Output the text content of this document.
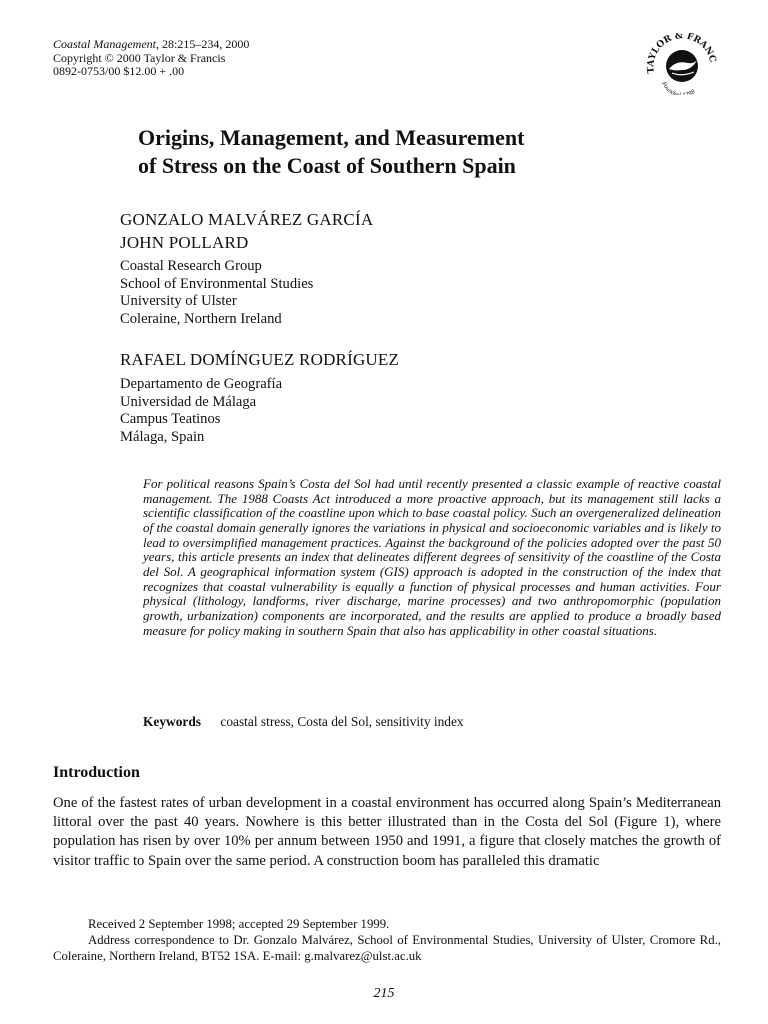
Coastal Management, 28:215–234, 2000
Copyright © 2000 Taylor & Francis
0892-0753/00 $12.00 + .00	TAYLOR & FRANC
Founde 98
Origins, Management, and Measurement
of Stress on the Coast of Southern Spain
GONZALO MALVÁREZ GARCÍA
JOHN POLLARD
Coastal Research Group
School of Environmental Studies
University of Ulster
Coleraine, Northern Ireland
RAFAEL DOMÍNGUEZ RODRÍGUEZ
Departamento de Geografía
Universidad de Málaga
Campus Teatinos
Málaga, Spain

For political reasons Spain’s Costa del Sol had until recently presented a classic example of reactive coastal management. The 1988 Coasts Act introduced a more proactive approach, but its management still lacks a scientific classification of the coastline upon which to base coastal policy. Such an overgeneralized delineation of the coastal domain generally ignores the variations in physical and socioeconomic variables and is likely to lead to oversimplified management practices. Against the background of the policies adopted over the past 50 years, this article presents an index that delineates different degrees of sensitivity of the coastline of the Costa del Sol. A geographical information system (GIS) approach is adopted in the construction of the index that recognizes that coastal vulnerability is equally a function of physical processes and human activities. Four physical (lithology, landforms, river discharge, marine processes) and two anthropomorphic (population growth, urbanization) components are incorporated, and the results are applied to produce a broadly based measure for policy making in southern Spain that also has applicability in other coastal situations.

Keywords coastal stress, Costa del Sol, sensitivity index
Introduction

One of the fastest rates of urban development in a coastal environment has occurred along Spain’s Mediterranean littoral over the past 40 years. Nowhere is this better illustrated than in the Costa del Sol (Figure 1), where population has risen by over 10% per annum between 1950 and 1991, a figure that closely matches the growth of visitor traffic to Spain over the same period. A construction boom has paralleled this dramatic

Received 2 September 1998; accepted 29 September 1999.
Address correspondence to Dr. Gonzalo Malvárez, School of Environmental Studies, University of Ulster, Cromore Rd., Coleraine, Northern Ireland, BT52 1SA. E-mail: g.malvarez@ulst.ac.uk
215
